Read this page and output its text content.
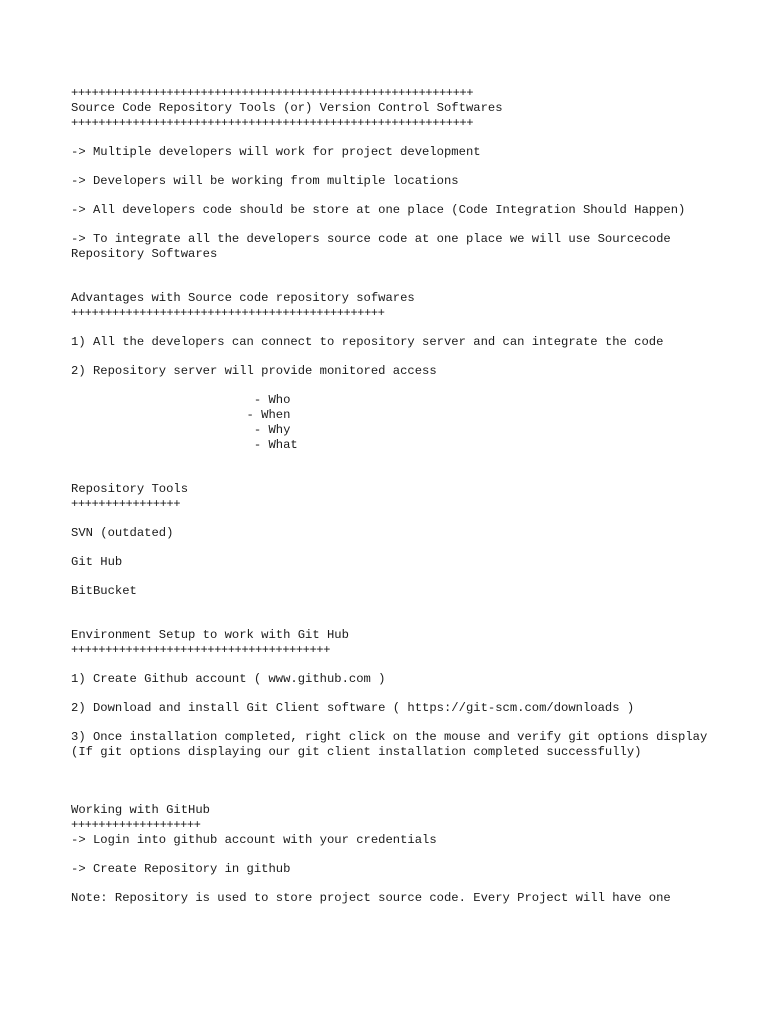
+++++++++++++++++++++++++++++++++++++++++++++++++++++++++++
Source Code Repository Tools (or) Version Control Softwares
+++++++++++++++++++++++++++++++++++++++++++++++++++++++++++
-> Multiple developers will work for project development
-> Developers will be working from multiple locations
-> All developers code should be store at one place (Code Integration Should Happen)
-> To integrate all the developers source code at one place we will use Sourcecode Repository Softwares
Advantages with Source code repository sofwares
++++++++++++++++++++++++++++++++++++++++++++++
1) All the developers can connect to repository server and can integrate the code
2) Repository server will provide monitored access
- Who
- When
- Why
- What
Repository Tools
++++++++++++++++
SVN (outdated)
Git Hub
BitBucket
Environment Setup to work with Git Hub
++++++++++++++++++++++++++++++++++++++
1) Create Github account ( www.github.com )
2) Download and install Git Client software ( https://git-scm.com/downloads )
3) Once installation completed, right click on the mouse and verify git options display (If git options displaying our git client installation completed successfully)
Working with GitHub
+++++++++++++++++++
-> Login into github account with your credentials
-> Create Repository in github
Note: Repository is used to store project source code. Every Project will have one
